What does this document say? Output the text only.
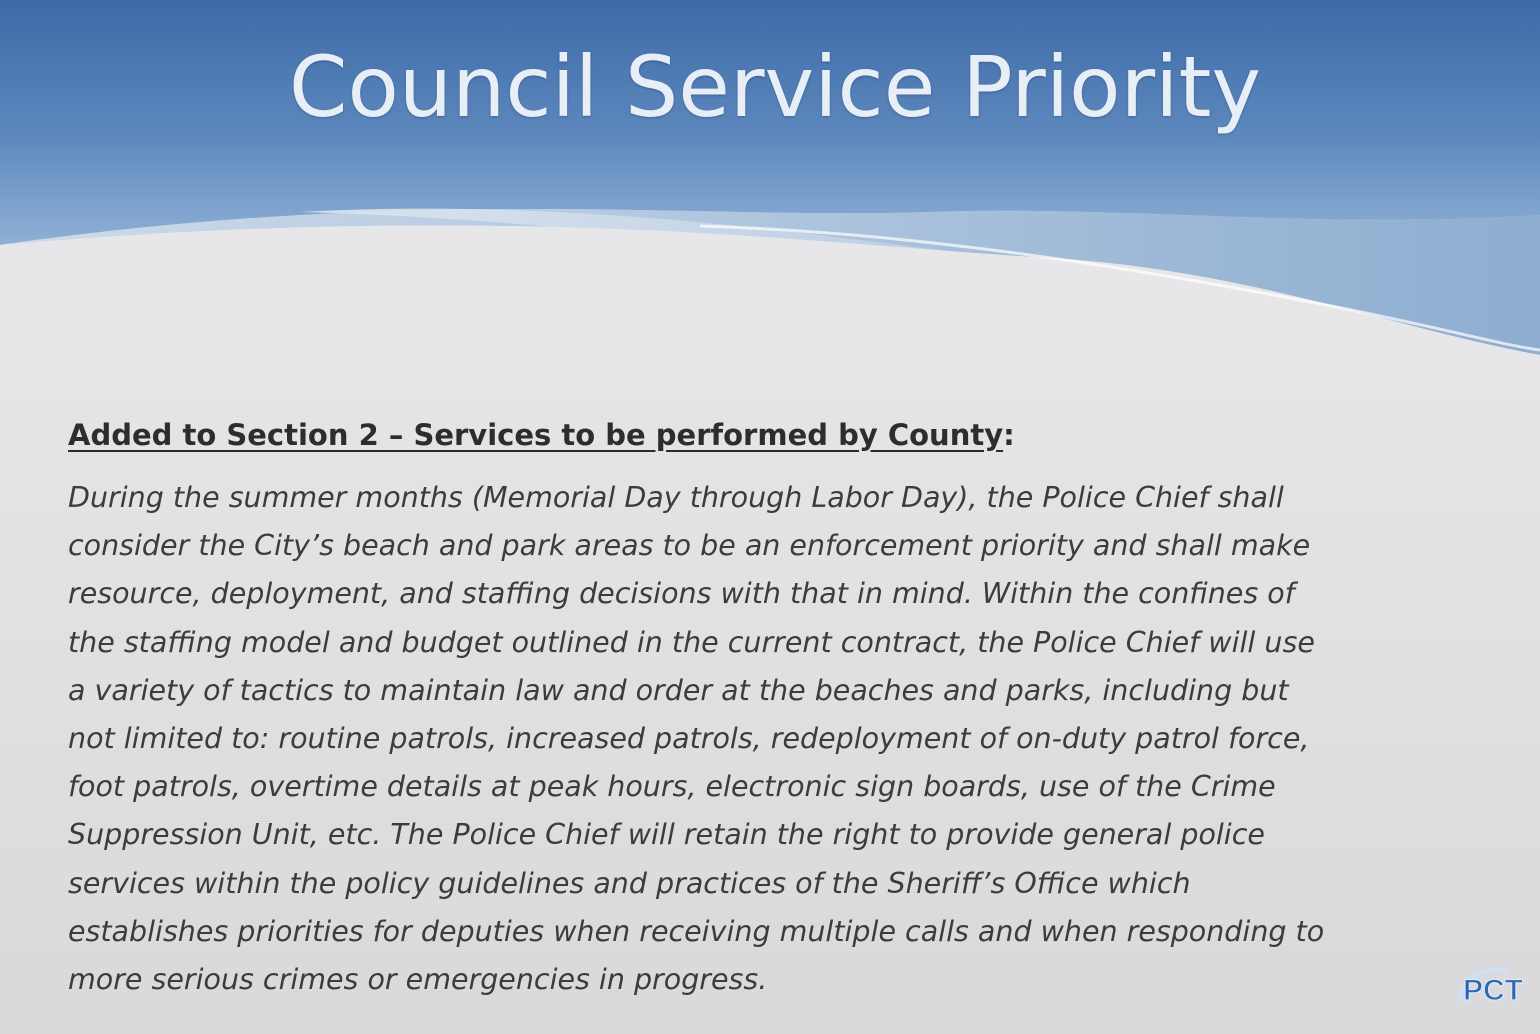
Council Service Priority
Added to Section 2 – Services to be performed by County:
During the summer months (Memorial Day through Labor Day), the Police Chief shall
consider the City’s beach and park areas to be an enforcement priority and shall make
resource, deployment, and staffing decisions with that in mind. Within the confines of
the staffing model and budget outlined in the current contract, the Police Chief will use
a variety of tactics to maintain law and order at the beaches and parks, including but
not limited to: routine patrols, increased patrols, redeployment of on-duty patrol force,
foot patrols, overtime details at peak hours, electronic sign boards, use of the Crime
Suppression Unit, etc. The Police Chief will retain the right to provide general police
services within the policy guidelines and practices of the Sheriff’s Office which
establishes priorities for deputies when receiving multiple calls and when responding to
more serious crimes or emergencies in progress.	PCT
